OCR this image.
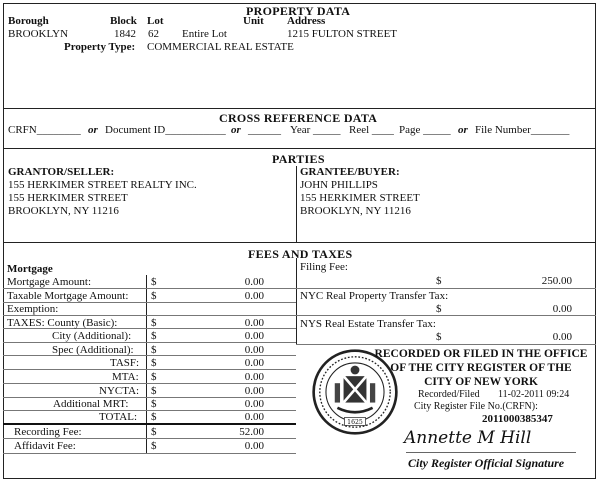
PROPERTY DATA
Borough	Block Lot	Unit Address
BROOKLYN	1842 62 Entire Lot	1215 FULTON STREET
Property Type: COMMERCIAL REAL ESTATE
CROSS REFERENCE DATA
CRFN________ or Document ID___________ or ______ Year _____ Reel ____ Page _____ or File Number_______
PARTIES
GRANTOR/SELLER:
155 HERKIMER STREET REALTY INC.
155 HERKIMER STREET
BROOKLYN, NY 11216
GRANTEE/BUYER:
JOHN PHILLIPS
155 HERKIMER STREET
BROOKLYN, NY 11216
FEES AND TAXES
Mortgage
Mortgage Amount:	$	0.00
Taxable Mortgage Amount: $	0.00
Exemption:
TAXES: County (Basic):	$	0.00
City (Additional): $	0.00
Spec (Additional): $	0.00
TASF: $	0.00
MTA: $	0.00
NYCTA: $	0.00
Additional MRT: $	0.00
TOTAL: $	0.00
Recording Fee:	$	52.00
Affidavit Fee:	$	0.00
Filing Fee:
$	250.00
NYC Real Property Transfer Tax:
$	0.00
NYS Real Estate Transfer Tax:
$	0.00
1625
RECORDED OR FILED IN THE OFFICE
OF THE CITY REGISTER OF THE
CITY OF NEW YORK
Recorded/Filed 11-02-2011 09:24
City Register File No.(CRFN):
2011000385347
Annette M Hill
City Register Official Signature
